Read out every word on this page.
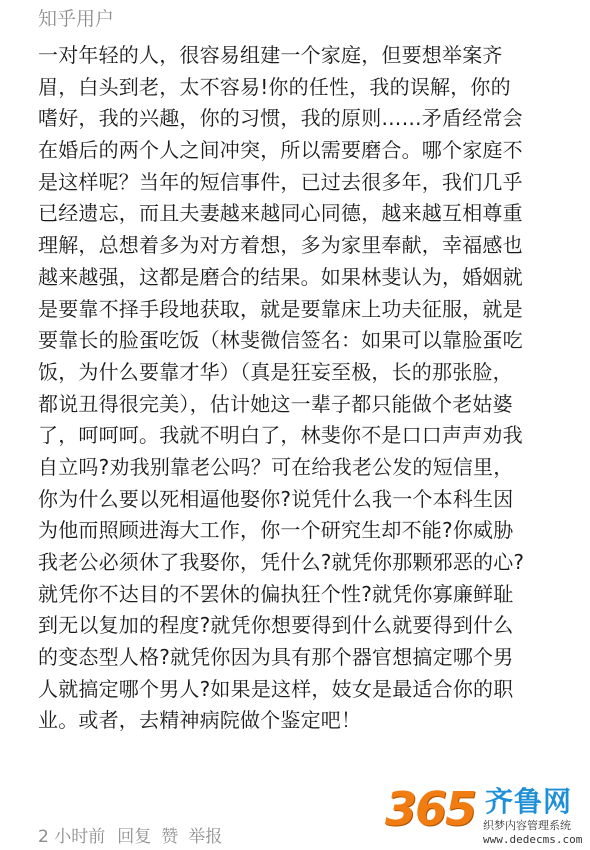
知乎用户
一对年轻的人，很容易组建一个家庭，但要想举案齐
眉，白头到老，太不容易!你的任性，我的误解，你的
嗜好，我的兴趣，你的习惯，我的原则……矛盾经常会
在婚后的两个人之间冲突，所以需要磨合。哪个家庭不
是这样呢？当年的短信事件，已过去很多年，我们几乎
已经遗忘，而且夫妻越来越同心同德，越来越互相尊重
理解，总想着多为对方着想，多为家里奉献，幸福感也
越来越强，这都是磨合的结果。如果林斐认为，婚姻就
是要靠不择手段地获取，就是要靠床上功夫征服，就是
要靠长的脸蛋吃饭（林斐微信签名：如果可以靠脸蛋吃
饭，为什么要靠才华）（真是狂妄至极，长的那张脸，
都说丑得很完美），估计她这一辈子都只能做个老姑婆
了，呵呵呵。我就不明白了，林斐你不是口口声声劝我
自立吗?劝我别靠老公吗？可在给我老公发的短信里，
你为什么要以死相逼他娶你?说凭什么我一个本科生因
为他而照顾进海大工作，你一个研究生却不能?你威胁
我老公必须休了我娶你，凭什么?就凭你那颗邪恶的心?
就凭你不达目的不罢休的偏执狂个性?就凭你寡廉鲜耻
到无以复加的程度?就凭你想要得到什么就要得到什么
的变态型人格?就凭你因为具有那个器官想搞定哪个男
人就搞定哪个男人?如果是这样，妓女是最适合你的职
业。或者，去精神病院做个鉴定吧！
2 小时前 回复 赞 举报
365 齐鲁网
织梦内容管理系统
www.dedecms.com
